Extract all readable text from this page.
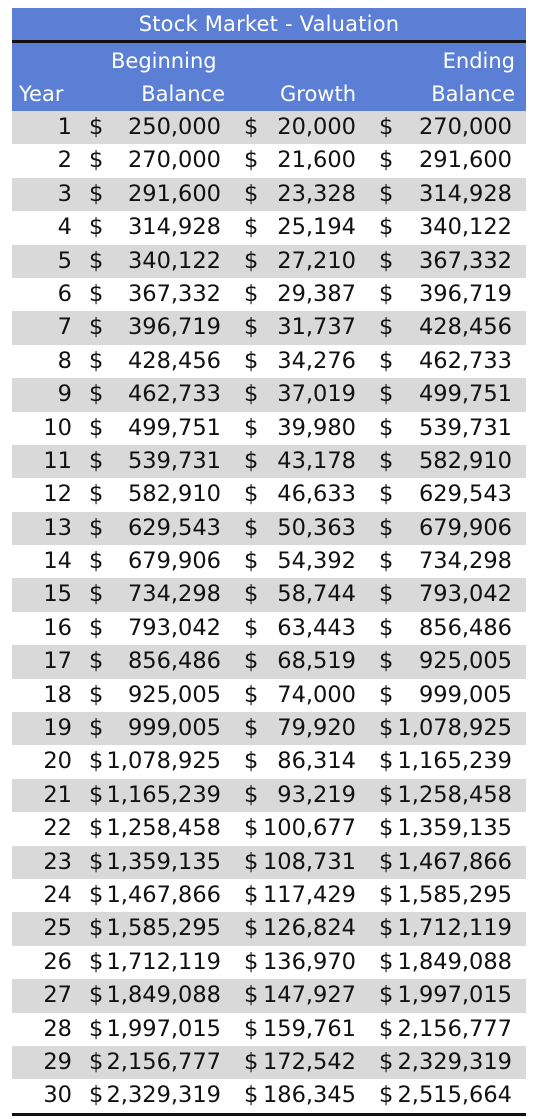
Stock Market - Valuation
Beginning	Ending
Year	Balance	Growth	Balance
1 $ 250,000 $ 20,000 $ 270,000
2 $ 270,000 $ 21,600 $ 291,600
3 $ 291,600 $ 23,328 $ 314,928
4 $ 314,928 $ 25,194 $ 340,122
5 $ 340,122 $ 27,210 $ 367,332
6 $ 367,332 $ 29,387 $ 396,719
7 $ 396,719 $ 31,737 $ 428,456
8 $ 428,456 $ 34,276 $ 462,733
9 $ 462,733 $ 37,019 $ 499,751
10 $ 499,751 $ 39,980 $ 539,731
11 $ 539,731 $ 43,178 $ 582,910
12 $ 582,910 $ 46,633 $ 629,543
13 $ 629,543 $ 50,363 $ 679,906
14 $ 679,906 $ 54,392 $ 734,298
15 $ 734,298 $ 58,744 $ 793,042
16 $ 793,042 $ 63,443 $ 856,486
17 $ 856,486 $ 68,519 $ 925,005
18 $ 925,005 $ 74,000 $ 999,005
19 $ 999,005 $ 79,920 $ 1,078,925
20 $ 1,078,925 $ 86,314 $ 1,165,239
21 $ 1,165,239 $ 93,219 $ 1,258,458
22 $ 1,258,458 $ 100,677 $ 1,359,135
23 $ 1,359,135 $ 108,731 $ 1,467,866
24 $ 1,467,866 $ 117,429 $ 1,585,295
25 $ 1,585,295 $ 126,824 $ 1,712,119
26 $ 1,712,119 $ 136,970 $ 1,849,088
27 $ 1,849,088 $ 147,927 $ 1,997,015
28 $ 1,997,015 $ 159,761 $ 2,156,777
29 $ 2,156,777 $ 172,542 $ 2,329,319
30 $ 2,329,319 $ 186,345 $ 2,515,664
